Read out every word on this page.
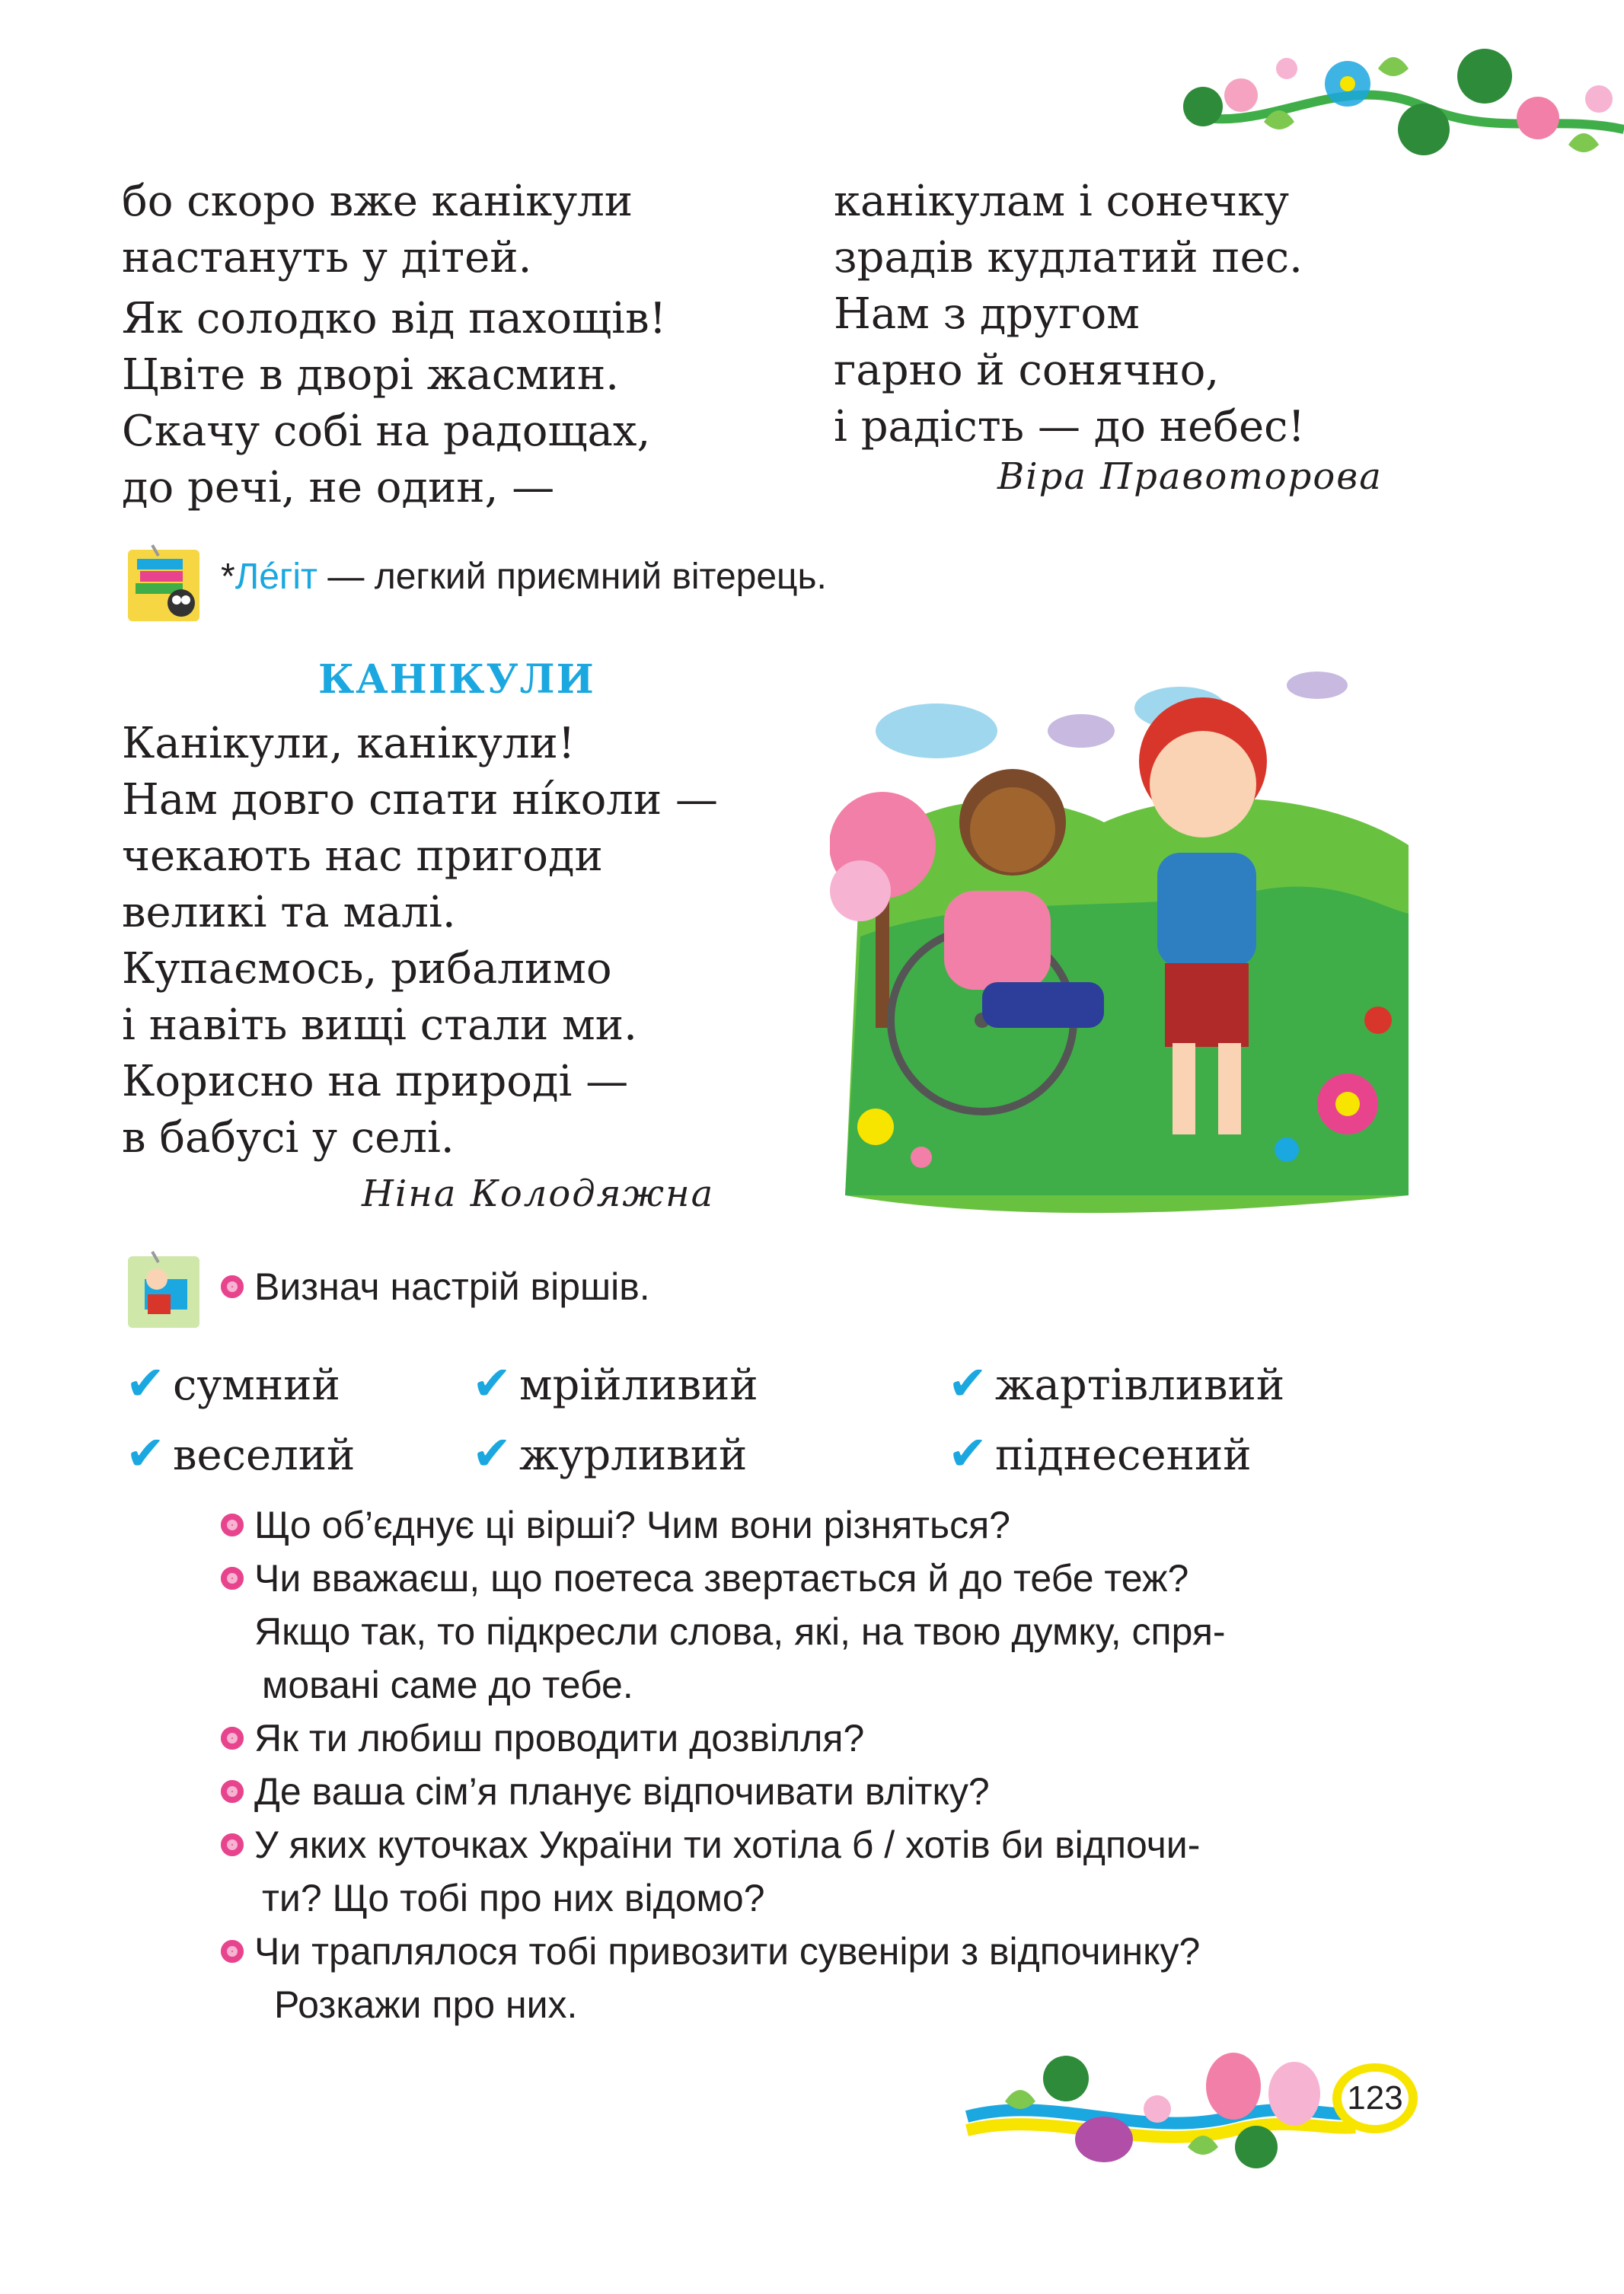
бо скоро вже канікули
настануть у дітей.
Як солодко від пахощів!
Цвіте в дворі жасмин.
Скачу собі на радощах,
до речі, не один, —
канікулам і сонечку
зрадів кудлатий пес.
Нам з другом
гарно й сонячно,
і радість — до небес!
Віра Правоторова
*Лéгіт — легкий приємний вітерець.
КАНІКУЛИ
Канікули, канікули!
Нам довго спати нíколи —
чекають нас пригоди
великі та малі.
Купаємось, рибалимо
і навіть вищі стали ми.
Корисно на природі —
в бабусі у селі.
Ніна Колодяжна
Визнач настрій віршів.
✔ сумний	✔ мрійливий	✔ жартівливий
✔ веселий ✔ журливий	✔ піднесений
Що об’єднує ці вірші? Чим вони різняться?
Чи вважаєш, що поетеса звертається й до тебе теж?
Якщо так, то підкресли слова, які, на твою думку, спря-
мовані саме до тебе.
Як ти любиш проводити дозвілля?
Де ваша сім’я планує відпочивати влітку?
У яких куточках України ти хотіла б / хотів би відпочи-
ти? Що тобі про них відомо?
Чи траплялося тобі привозити сувеніри з відпочинку?
Розкажи про них.
123
